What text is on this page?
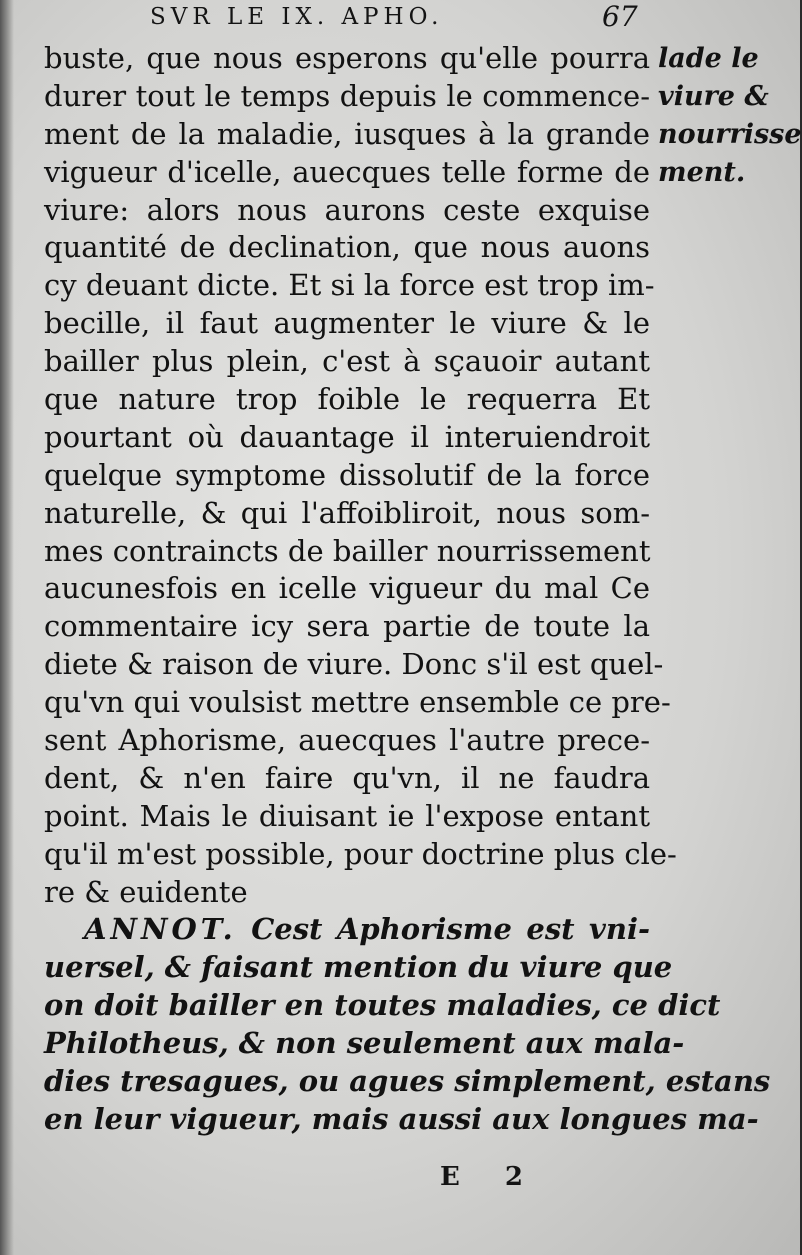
SVR LE IX. APHO.	67
buste, que nous esperons qu'elle pourra
durer tout le temps depuis le commence-
ment de la maladie, iusques à la grande
vigueur d'icelle, auecques telle forme de
viure: alors nous aurons ceste exquise
quantité de declination, que nous auons
cy deuant dicte. Et si la force est trop im-
becille, il faut augmenter le viure & le
bailler plus plein, c'est à sçauoir autant
que nature trop foible le requerra Et
pourtant où dauantage il interuiendroit
quelque symptome dissolutif de la force
naturelle, & qui l'affoibliroit, nous som-
mes contraincts de bailler nourrissement
aucunesfois en icelle vigueur du mal Ce
commentaire icy sera partie de toute la
diete & raison de viure. Donc s'il est quel-
qu'vn qui voulsist mettre ensemble ce pre-
sent Aphorisme, auecques l'autre prece-
dent, & n'en faire qu'vn, il ne faudra
point. Mais le diuisant ie l'expose entant
qu'il m'est possible, pour doctrine plus cle-
re & euidente
ANNOT. Cest Aphorisme est vni-
uersel, & faisant mention du viure que
on doit bailler en toutes maladies, ce dict
Philotheus, & non seulement aux mala-
dies tresagues, ou agues simplement, estans
en leur vigueur, mais aussi aux longues ma-
lade le
viure &
nourrisse
ment.
E 2
